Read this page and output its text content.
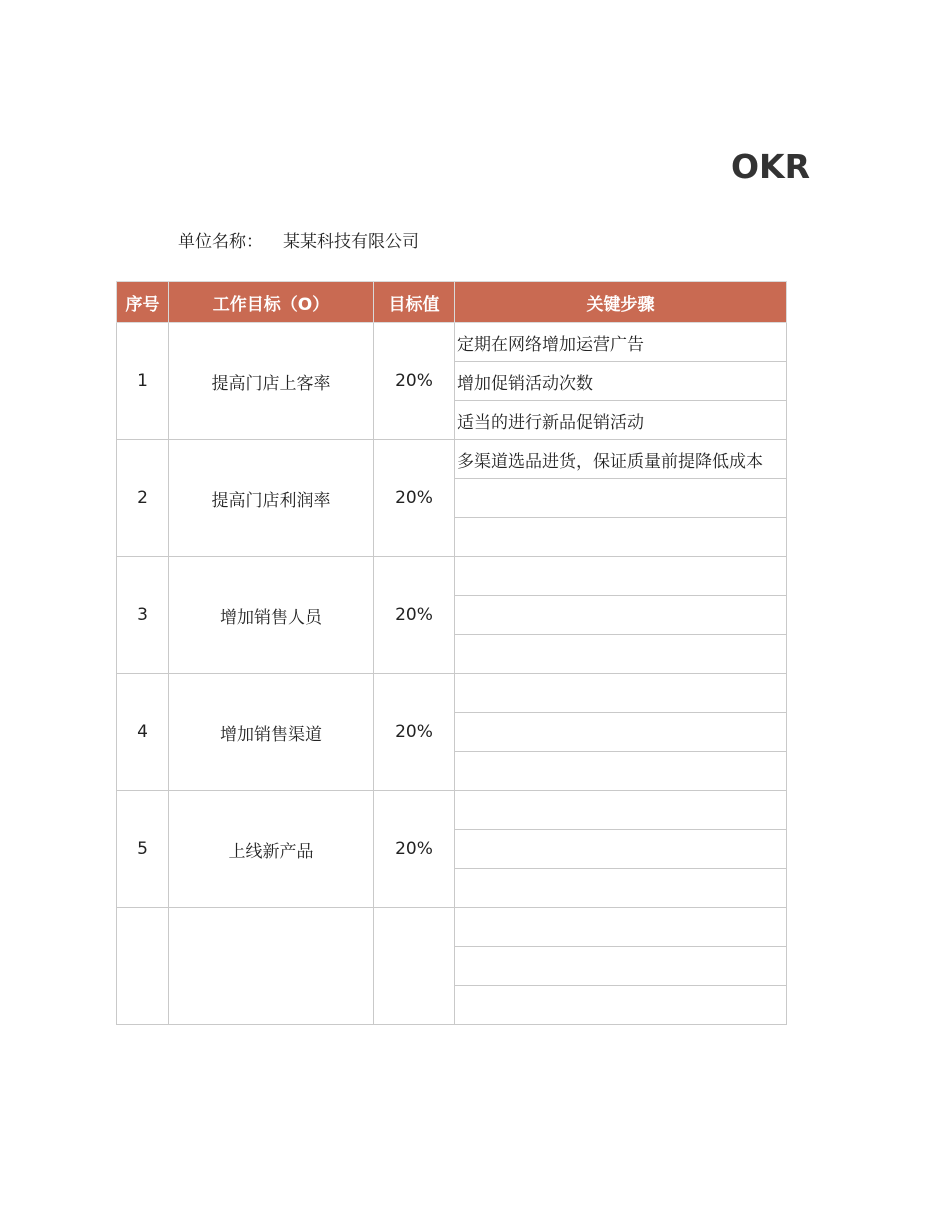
OKR
单位名称： 某某科技有限公司
序号	工作目标（O）	目标值	关键步骤
1	提高门店上客率	20%	定期在网络增加运营广告
			增加促销活动次数
			适当的进行新品促销活动
2	提高门店利润率	20%	多渠道选品进货，保证质量前提降低成本

3	增加销售人员	20%	

4	增加销售渠道	20%	

5	上线新产品	20%	
